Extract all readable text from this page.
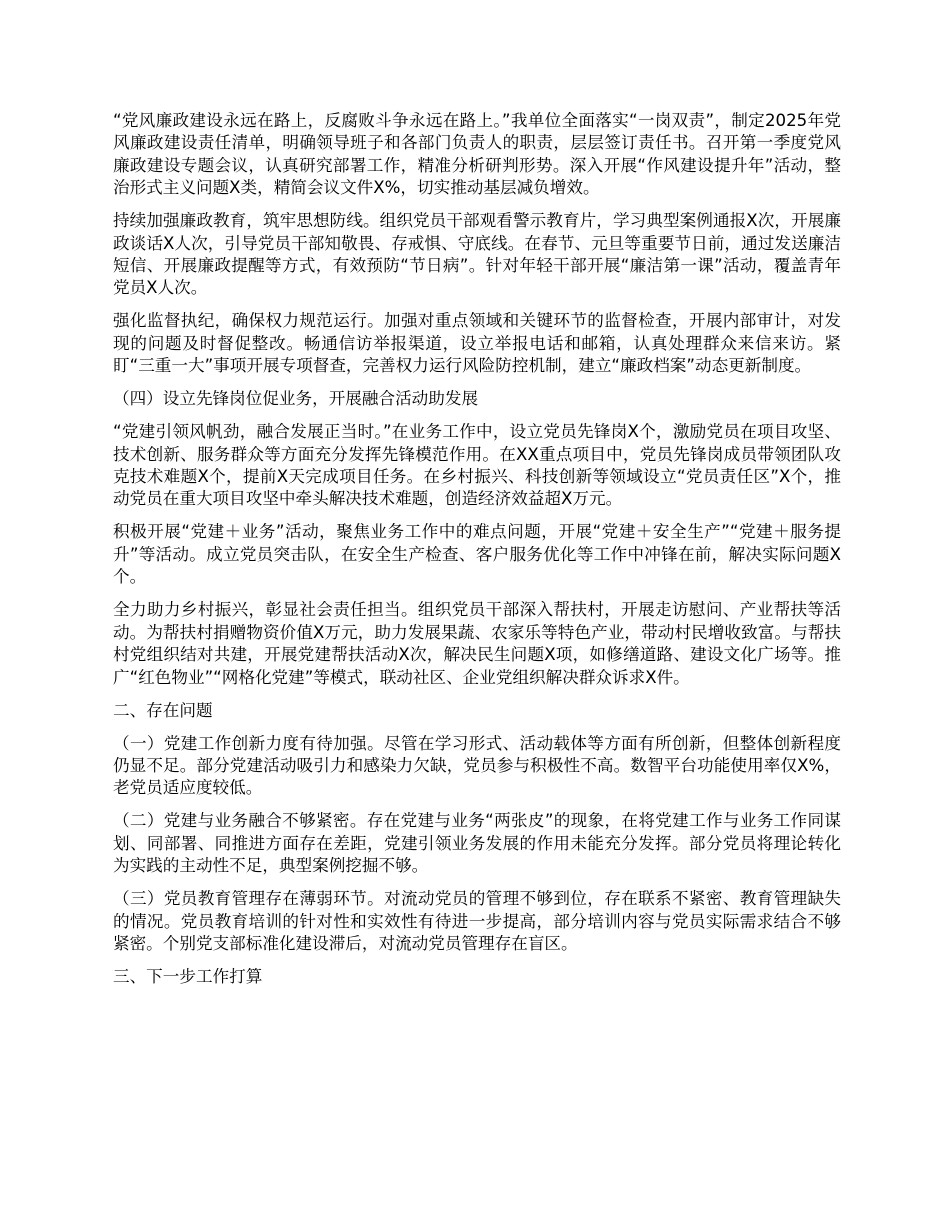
“党风廉政建设永远在路上，反腐败斗争永远在路上。”我单位全面落实“一岗双责”，制定2025年党风廉政建设责任清单，明确领导班子和各部门负责人的职责，层层签订责任书。召开第一季度党风廉政建设专题会议，认真研究部署工作，精准分析研判形势。深入开展“作风建设提升年”活动，整治形式主义问题X类，精简会议文件X%，切实推动基层减负增效。

持续加强廉政教育，筑牢思想防线。组织党员干部观看警示教育片，学习典型案例通报X次，开展廉政谈话X人次，引导党员干部知敬畏、存戒惧、守底线。在春节、元旦等重要节日前，通过发送廉洁短信、开展廉政提醒等方式，有效预防“节日病”。针对年轻干部开展“廉洁第一课”活动，覆盖青年党员X人次。

强化监督执纪，确保权力规范运行。加强对重点领域和关键环节的监督检查，开展内部审计，对发现的问题及时督促整改。畅通信访举报渠道，设立举报电话和邮箱，认真处理群众来信来访。紧盯“三重一大”事项开展专项督查，完善权力运行风险防控机制，建立“廉政档案”动态更新制度。

（四）设立先锋岗位促业务，开展融合活动助发展

“党建引领风帆劲，融合发展正当时。”在业务工作中，设立党员先锋岗X个，激励党员在项目攻坚、技术创新、服务群众等方面充分发挥先锋模范作用。在XX重点项目中，党员先锋岗成员带领团队攻克技术难题X个，提前X天完成项目任务。在乡村振兴、科技创新等领域设立“党员责任区”X个，推动党员在重大项目攻坚中牵头解决技术难题，创造经济效益超X万元。

积极开展“党建＋业务”活动，聚焦业务工作中的难点问题，开展“党建＋安全生产”“党建＋服务提升”等活动。成立党员突击队，在安全生产检查、客户服务优化等工作中冲锋在前，解决实际问题X个。

全力助力乡村振兴，彰显社会责任担当。组织党员干部深入帮扶村，开展走访慰问、产业帮扶等活动。为帮扶村捐赠物资价值X万元，助力发展果蔬、农家乐等特色产业，带动村民增收致富。与帮扶村党组织结对共建，开展党建帮扶活动X次，解决民生问题X项，如修缮道路、建设文化广场等。推广“红色物业”“网格化党建”等模式，联动社区、企业党组织解决群众诉求X件。

二、存在问题

（一）党建工作创新力度有待加强。尽管在学习形式、活动载体等方面有所创新，但整体创新程度仍显不足。部分党建活动吸引力和感染力欠缺，党员参与积极性不高。数智平台功能使用率仅X%，老党员适应度较低。

（二）党建与业务融合不够紧密。存在党建与业务“两张皮”的现象，在将党建工作与业务工作同谋划、同部署、同推进方面存在差距，党建引领业务发展的作用未能充分发挥。部分党员将理论转化为实践的主动性不足，典型案例挖掘不够。

（三）党员教育管理存在薄弱环节。对流动党员的管理不够到位，存在联系不紧密、教育管理缺失的情况。党员教育培训的针对性和实效性有待进一步提高，部分培训内容与党员实际需求结合不够紧密。个别党支部标准化建设滞后，对流动党员管理存在盲区。

三、下一步工作打算
